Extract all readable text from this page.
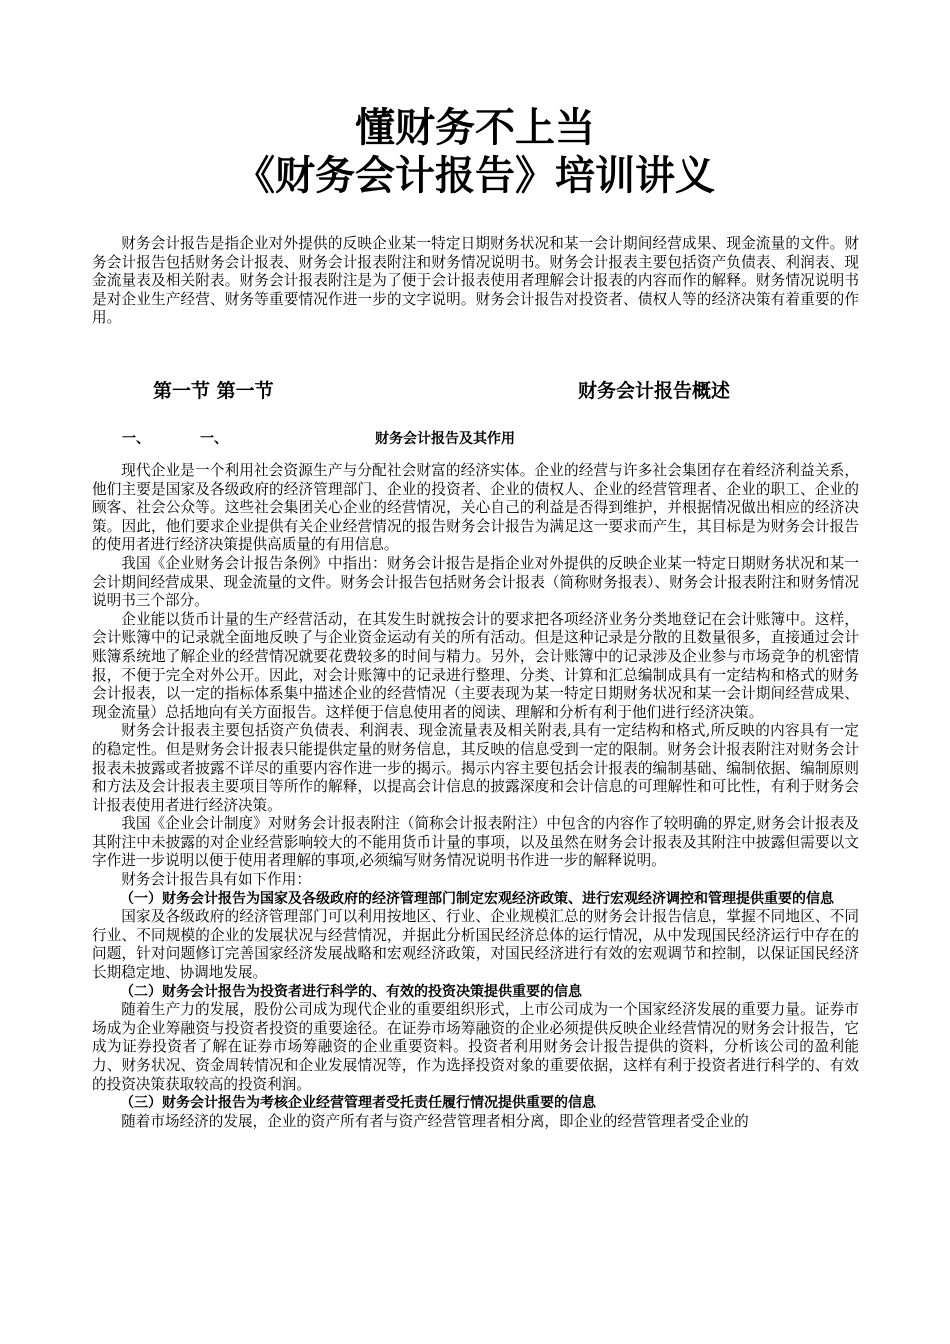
懂财务不上当
《财务会计报告》培训讲义

财务会计报告是指企业对外提供的反映企业某一特定日期财务状况和某一会计期间经营成果、现金流量的文件。财务会计报告包括财务会计报表、财务会计报表附注和财务情况说明书。财务会计报表主要包括资产负债表、利润表、现金流量表及相关附表。财务会计报表附注是为了便于会计报表使用者理解会计报表的内容而作的解释。财务情况说明书是对企业生产经营、财务等重要情况作进一步的文字说明。财务会计报告对投资者、债权人等的经济决策有着重要的作用。

第一节 第一节	财务会计报告概述
一、	一、	财务会计报告及其作用

现代企业是一个利用社会资源生产与分配社会财富的经济实体。企业的经营与许多社会集团存在着经济利益关系，他们主要是国家及各级政府的经济管理部门、企业的投资者、企业的债权人、企业的经营管理者、企业的职工、企业的顾客、社会公众等。这些社会集团关心企业的经营情况，关心自己的利益是否得到维护，并根据情况做出相应的经济决策。因此，他们要求企业提供有关企业经营情况的报告财务会计报告为满足这一要求而产生，其目标是为财务会计报告的使用者进行经济决策提供高质量的有用信息。

我国《企业财务会计报告条例》中指出：财务会计报告是指企业对外提供的反映企业某一特定日期财务状况和某一会计期间经营成果、现金流量的文件。财务会计报告包括财务会计报表（简称财务报表）、财务会计报表附注和财务情况说明书三个部分。

企业能以货币计量的生产经营活动，在其发生时就按会计的要求把各项经济业务分类地登记在会计账簿中。这样，会计账簿中的记录就全面地反映了与企业资金运动有关的所有活动。但是这种记录是分散的且数量很多，直接通过会计账簿系统地了解企业的经营情况就要花费较多的时间与精力。另外，会计账簿中的记录涉及企业参与市场竞争的机密情报，不便于完全对外公开。因此，对会计账簿中的记录进行整理、分类、计算和汇总编制成具有一定结构和格式的财务会计报表，以一定的指标体系集中描述企业的经营情况（主要表现为某一特定日期财务状况和某一会计期间经营成果、现金流量）总括地向有关方面报告。这样便于信息使用者的阅读、理解和分析有利于他们进行经济决策。

财务会计报表主要包括资产负债表、利润表、现金流量表及相关附表,具有一定结构和格式,所反映的内容具有一定的稳定性。但是财务会计报表只能提供定量的财务信息，其反映的信息受到一定的限制。财务会计报表附注对财务会计报表未披露或者披露不详尽的重要内容作进一步的揭示。揭示内容主要包括会计报表的编制基础、编制依据、编制原则和方法及会计报表主要项目等所作的解释，以提高会计信息的披露深度和会计信息的可理解性和可比性，有利于财务会计报表使用者进行经济决策。

我国《企业会计制度》对财务会计报表附注（简称会计报表附注）中包含的内容作了较明确的界定,财务会计报表及其附注中未披露的对企业经营影响较大的不能用货币计量的事项，以及虽然在财务会计报表及其附注中披露但需要以文字作进一步说明以便于使用者理解的事项,必须编写财务情况说明书作进一步的解释说明。

财务会计报告具有如下作用：

（一）财务会计报告为国家及各级政府的经济管理部门制定宏观经济政策、进行宏观经济调控和管理提供重要的信息

国家及各级政府的经济管理部门可以利用按地区、行业、企业规模汇总的财务会计报告信息，掌握不同地区、不同行业、不同规模的企业的发展状况与经营情况，并据此分析国民经济总体的运行情况，从中发现国民经济运行中存在的问题，针对问题修订完善国家经济发展战略和宏观经济政策，对国民经济进行有效的宏观调节和控制，以保证国民经济长期稳定地、协调地发展。

（二）财务会计报告为投资者进行科学的、有效的投资决策提供重要的信息

随着生产力的发展，股份公司成为现代企业的重要组织形式，上市公司成为一个国家经济发展的重要力量。证券市场成为企业筹融资与投资者投资的重要途径。在证券市场筹融资的企业必须提供反映企业经营情况的财务会计报告，它成为证券投资者了解在证券市场筹融资的企业重要资料。投资者利用财务会计报告提供的资料，分析该公司的盈利能力、财务状况、资金周转情况和企业发展情况等，作为选择投资对象的重要依据，这样有利于投资者进行科学的、有效的投资决策获取较高的投资利润。

（三）财务会计报告为考核企业经营管理者受托责任履行情况提供重要的信息

随着市场经济的发展，企业的资产所有者与资产经营管理者相分离，即企业的经营管理者受企业的
